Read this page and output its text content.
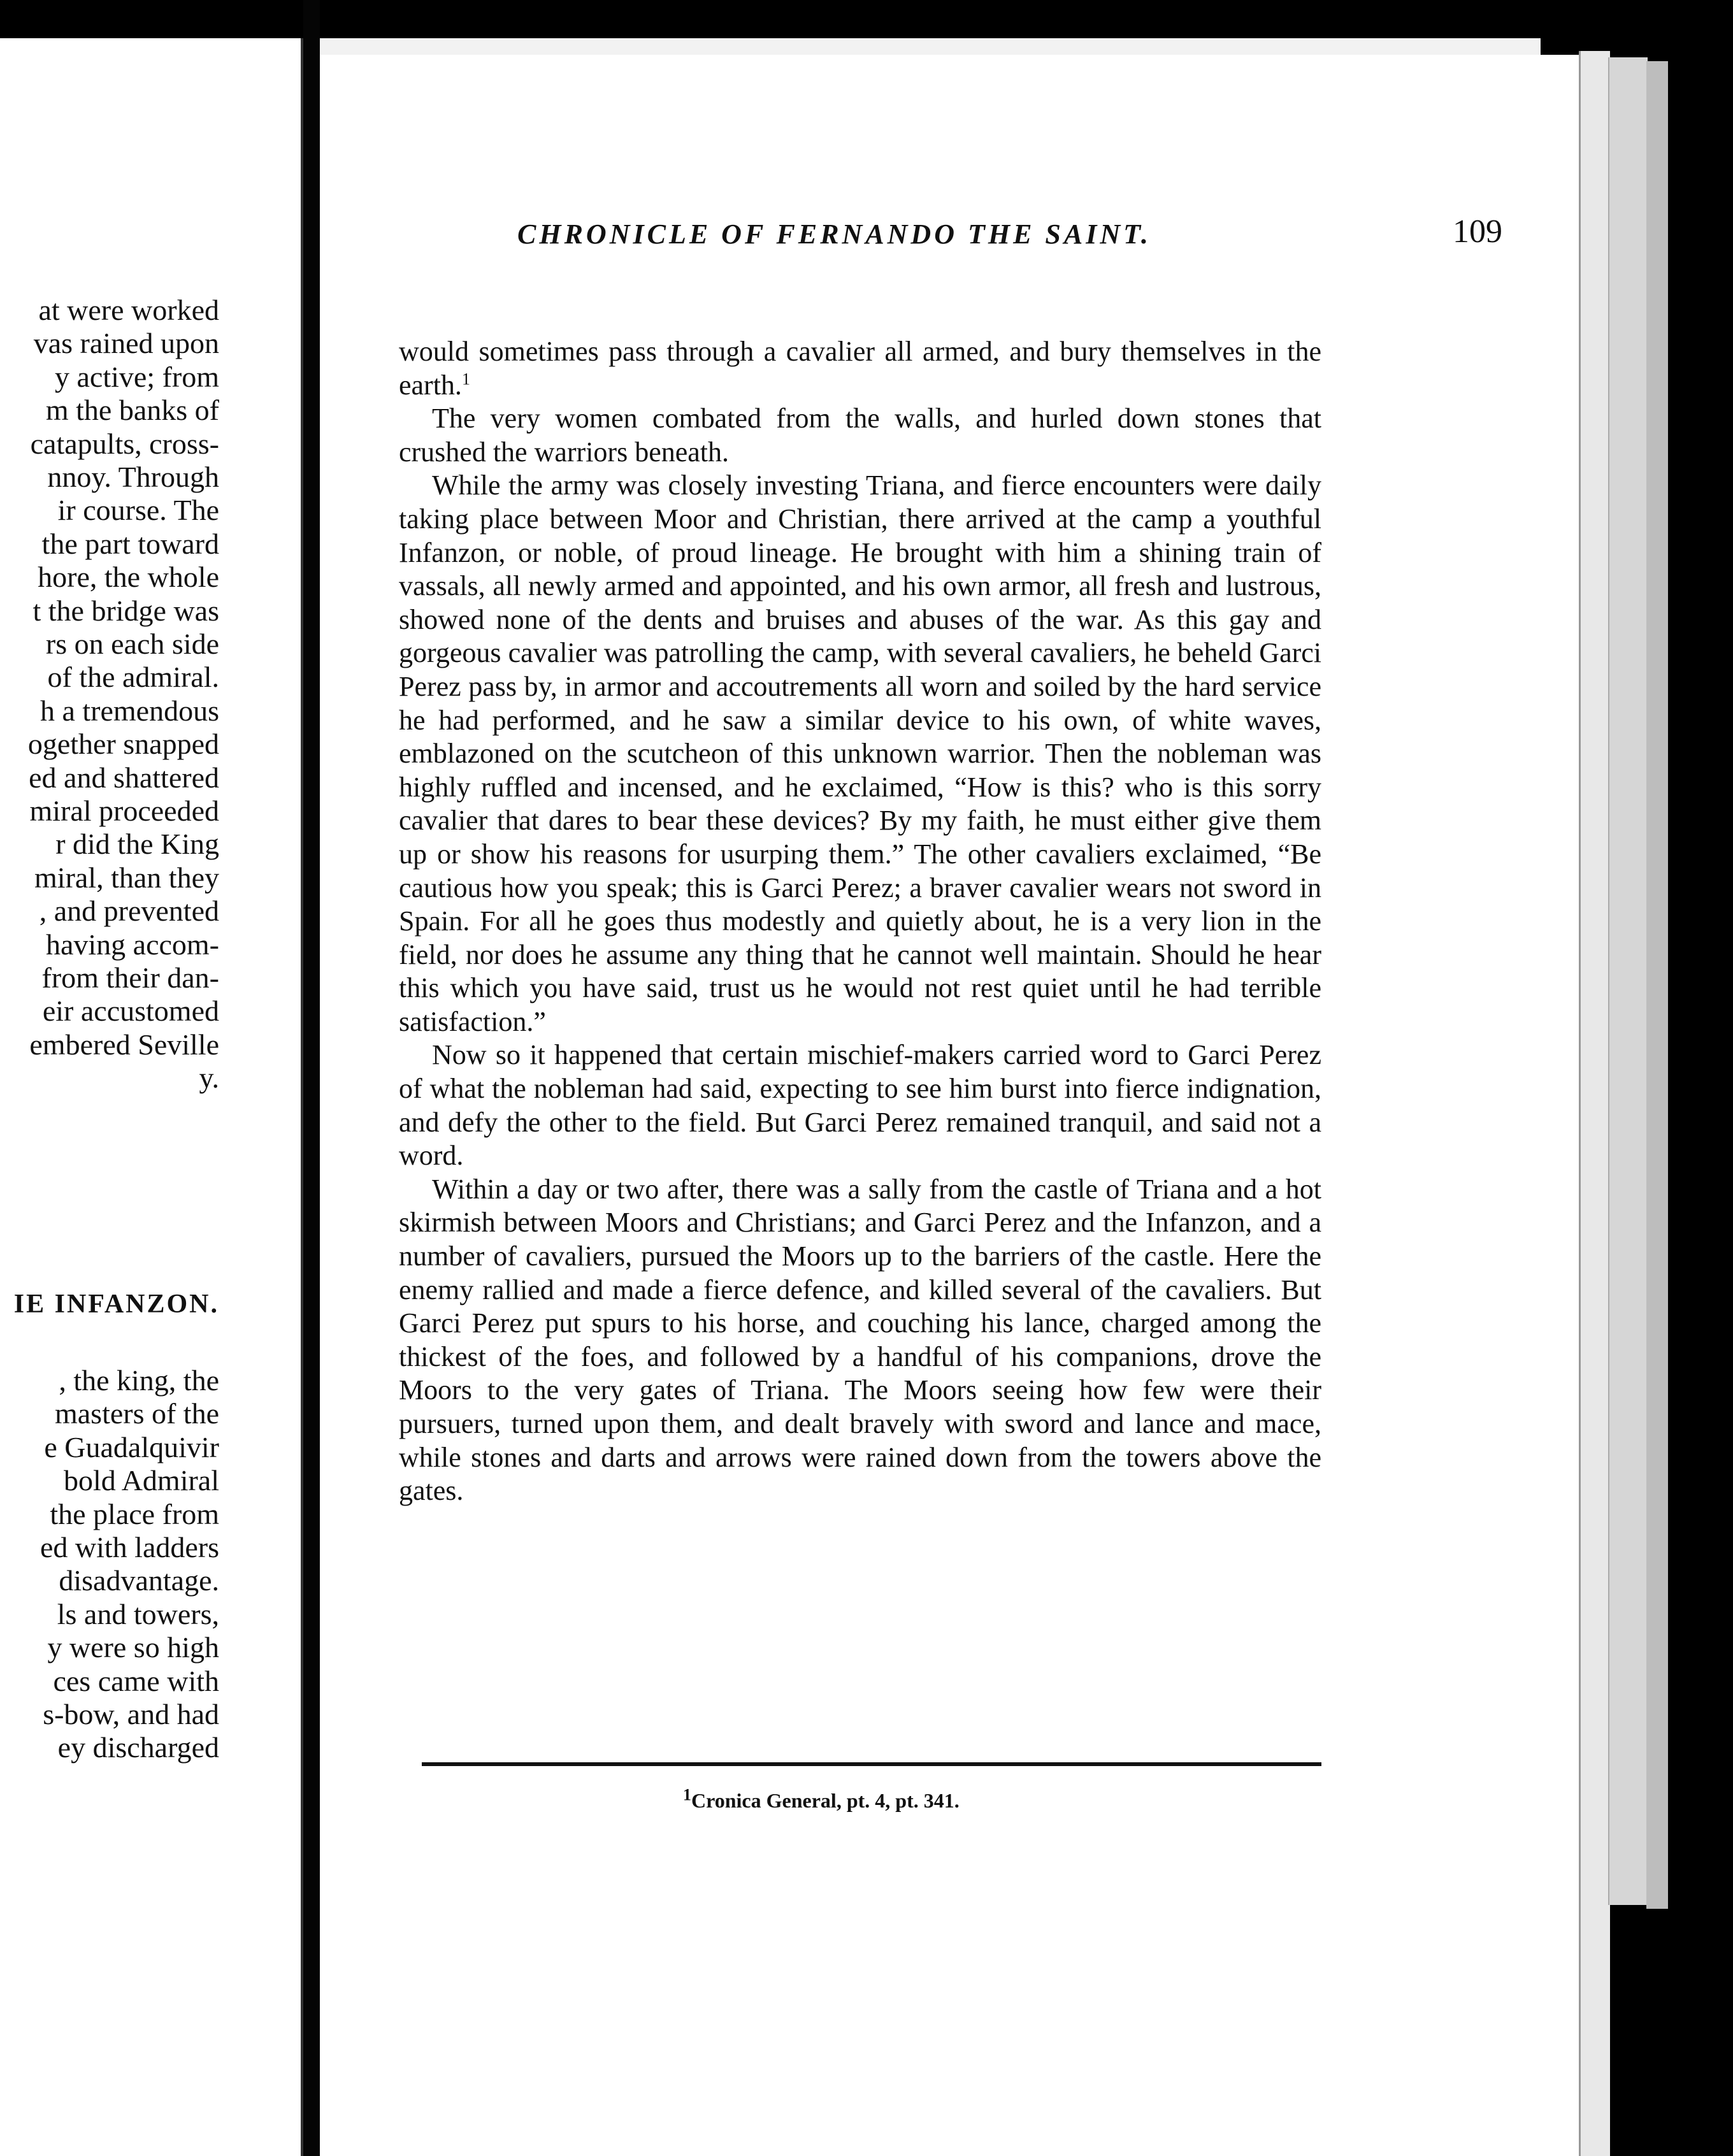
at were worked
vas rained upon
y active; from
m the banks of
catapults, cross-
nnoy. Through
ir course. The
the part toward
hore, the whole
t the bridge was
rs on each side
of the admiral.
h a tremendous
ogether snapped
ed and shattered
miral proceeded
r did the King
miral, than they
, and prevented
having accom-
from their dan-
eir accustomed
embered Seville
y.
IE INFANZON.
, the king, the
masters of the
e Guadalquivir
bold Admiral
the place from
ed with ladders
disadvantage.
ls and towers,
y were so high
ces came with
s-bow, and had
ey discharged
CHRONICLE OF FERNANDO THE SAINT.	109

would sometimes pass through a cavalier all armed, and bury themselves in the earth.$^1$

The very women combated from the walls, and hurled down stones that crushed the warriors beneath.

While the army was closely investing Triana, and fierce encounters were daily taking place between Moor and Christian, there arrived at the camp a youthful Infanzon, or noble, of proud lineage. He brought with him a shining train of vassals, all newly armed and appointed, and his own armor, all fresh and lustrous, showed none of the dents and bruises and abuses of the war. As this gay and gorgeous cavalier was patrolling the camp, with several cavaliers, he beheld Garci Perez pass by, in armor and accoutrements all worn and soiled by the hard service he had performed, and he saw a similar device to his own, of white waves, emblazoned on the scutcheon of this unknown warrior. Then the nobleman was highly ruffled and incensed, and he exclaimed, “How is this? who is this sorry cavalier that dares to bear these devices? By my faith, he must either give them up or show his reasons for usurping them.” The other cavaliers exclaimed, “Be cautious how you speak; this is Garci Perez; a braver cavalier wears not sword in Spain. For all he goes thus modestly and quietly about, he is a very lion in the field, nor does he assume any thing that he cannot well maintain. Should he hear this which you have said, trust us he would not rest quiet until he had terrible satisfaction.”

Now so it happened that certain mischief-makers carried word to Garci Perez of what the nobleman had said, expecting to see him burst into fierce indignation, and defy the other to the field. But Garci Perez remained tranquil, and said not a word.

Within a day or two after, there was a sally from the castle of Triana and a hot skirmish between Moors and Christians; and Garci Perez and the Infanzon, and a number of cavaliers, pursued the Moors up to the barriers of the castle. Here the enemy rallied and made a fierce defence, and killed several of the cavaliers. But Garci Perez put spurs to his horse, and couching his lance, charged among the thickest of the foes, and followed by a handful of his companions, drove the Moors to the very gates of Triana. The Moors seeing how few were their pursuers, turned upon them, and dealt bravely with sword and lance and mace, while stones and darts and arrows were rained down from the towers above the gates.

$^1$Cronica General, pt. 4, pt. 341.
